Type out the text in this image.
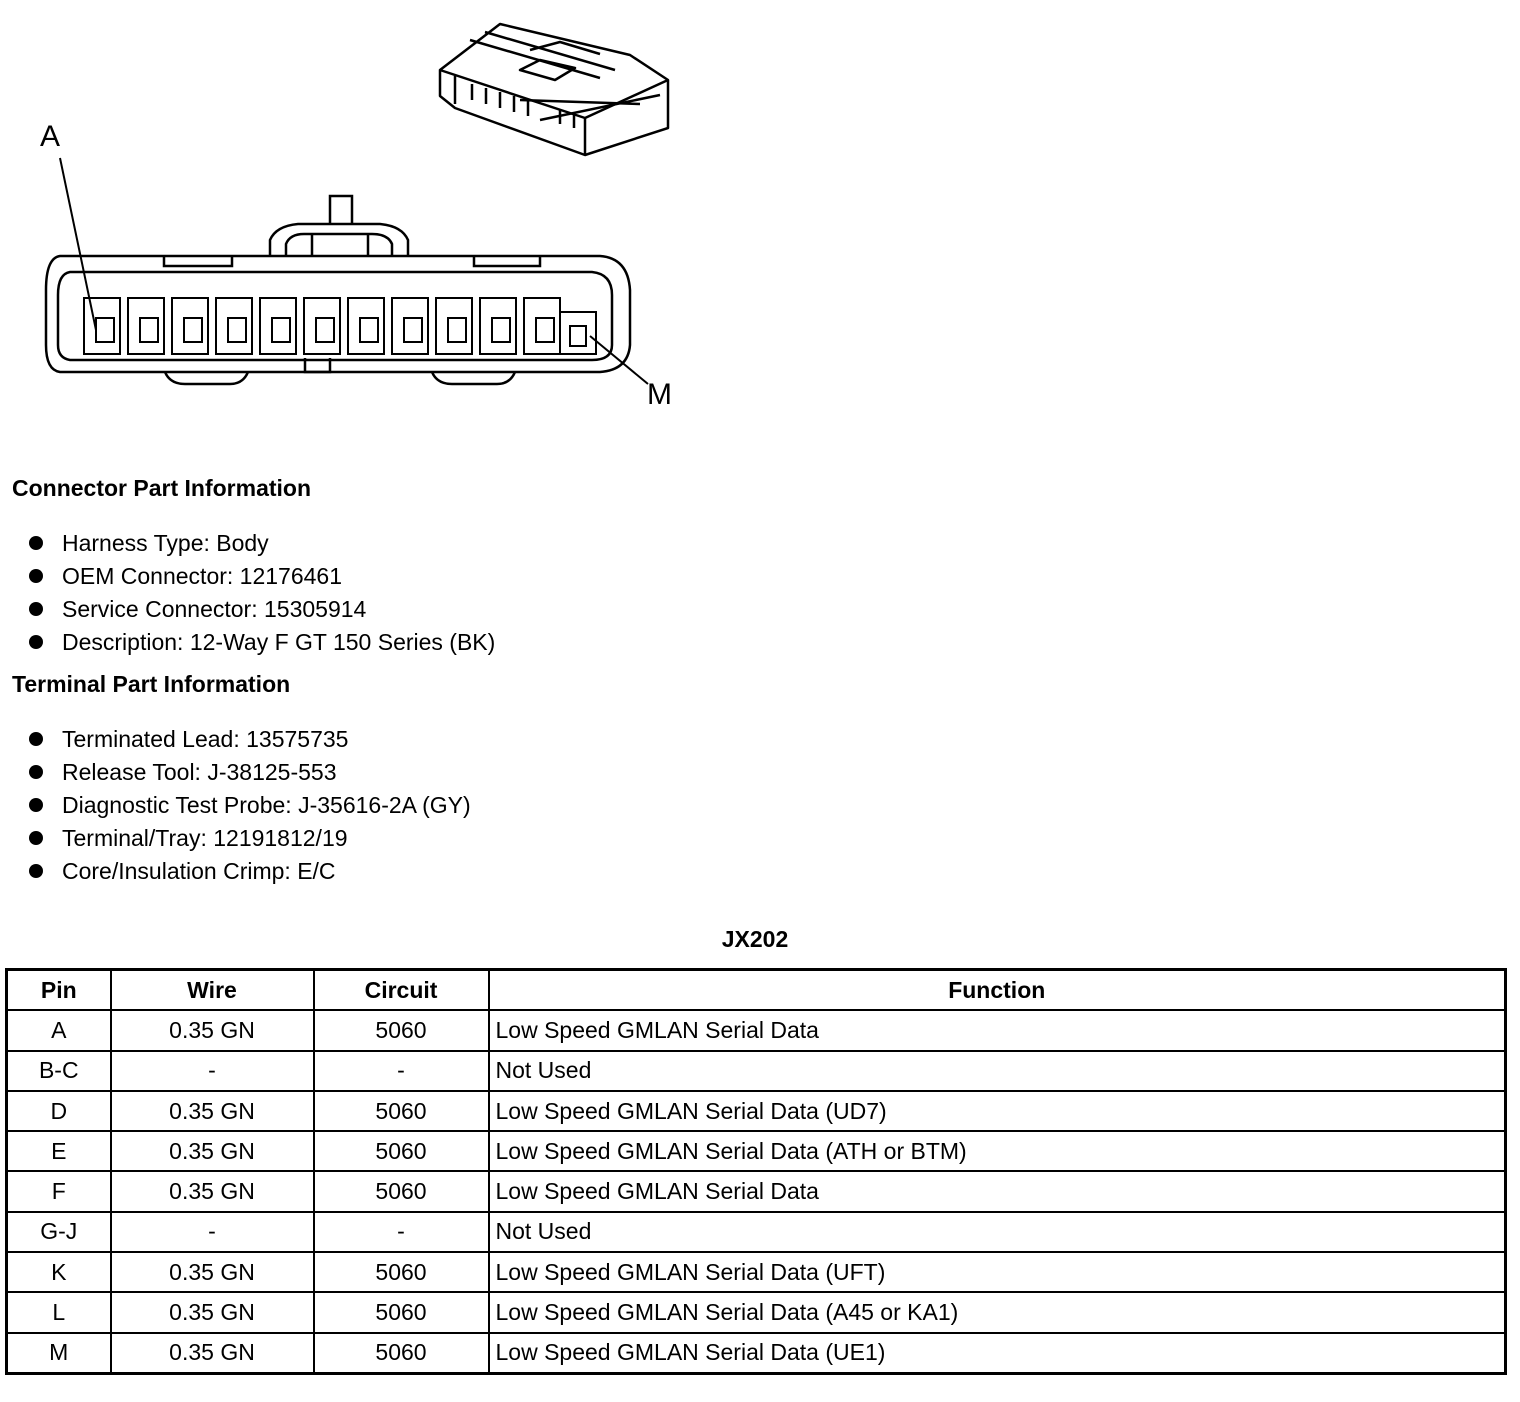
A
M
Connector Part Information
Harness Type: Body
OEM Connector: 12176461
Service Connector: 15305914
Description: 12-Way F GT 150 Series (BK)
Terminal Part Information
Terminated Lead: 13575735
Release Tool: J-38125-553
Diagnostic Test Probe: J-35616-2A (GY)
Terminal/Tray: 12191812/19
Core/Insulation Crimp: E/C
JX202
Pin	Wire	Circuit	Function
A	0.35 GN	5060	Low Speed GMLAN Serial Data
B-C	-	-	Not Used
D	0.35 GN	5060	Low Speed GMLAN Serial Data (UD7)
E	0.35 GN	5060	Low Speed GMLAN Serial Data (ATH or BTM)
F	0.35 GN	5060	Low Speed GMLAN Serial Data
G-J	-	-	Not Used
K	0.35 GN	5060	Low Speed GMLAN Serial Data (UFT)
L	0.35 GN	5060	Low Speed GMLAN Serial Data (A45 or KA1)
M	0.35 GN	5060	Low Speed GMLAN Serial Data (UE1)
